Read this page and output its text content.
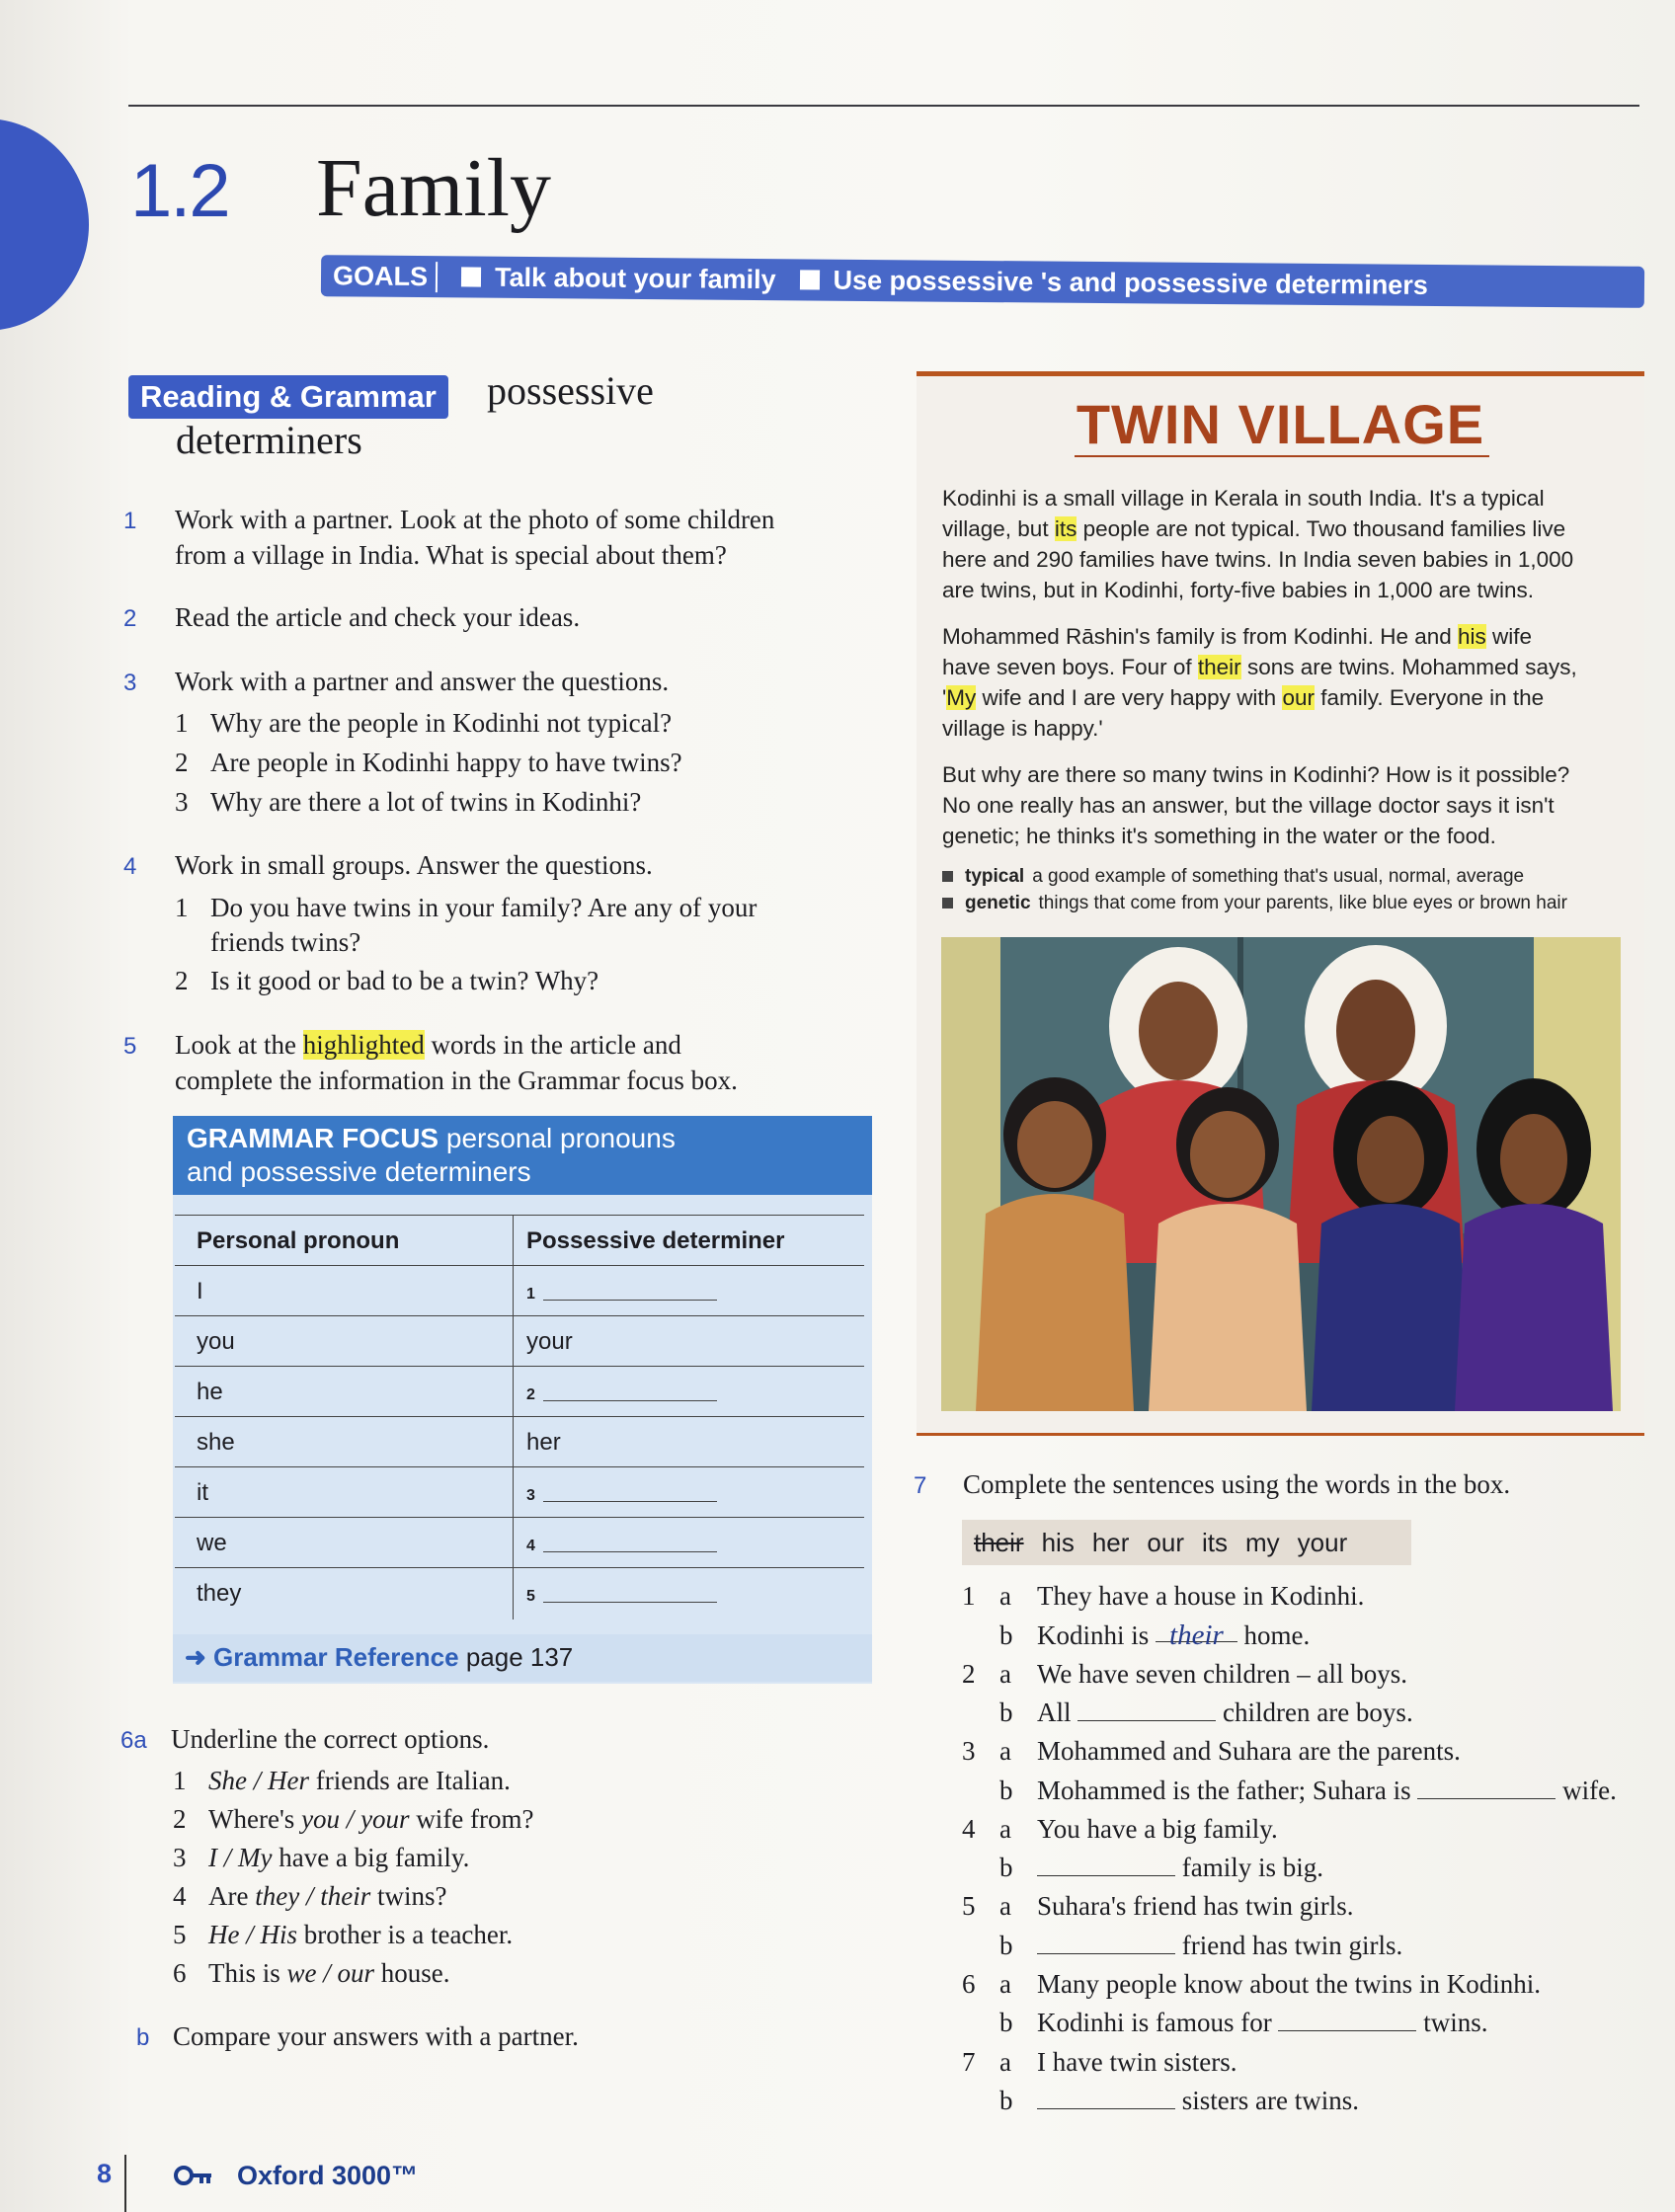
1.2 Family
GOALS	Talk about your family Use possessive 's and possessive determiners
Reading & Grammar	possessive
determiners
1 Work with a partner. Look at the photo of some children
from a village in India. What is special about them?
2 Read the article and check your ideas.
3 Work with a partner and answer the questions.
1 Why are the people in Kodinhi not typical?
2 Are people in Kodinhi happy to have twins?
3 Why are there a lot of twins in Kodinhi?
4 Work in small groups. Answer the questions.
1 Do you have twins in your family? Are any of your
friends twins?
2 Is it good or bad to be a twin? Why?
5 Look at the highlighted words in the article and
complete the information in the Grammar focus box.
GRAMMAR FOCUS personal pronouns
and possessive determiners
Personal pronoun	Possessive determiner
I	1
you	your
he	2
she	her
it	3
we	4
they	5
➜ Grammar Reference page 137
6a Underline the correct options.
1 She / Her friends are Italian.
2 Where's you / your wife from?
3 I / My have a big family.
4 Are they / their twins?
5 He / His brother is a teacher.
6 This is we / our house.
b Compare your answers with a partner.
TWIN VILLAGE

Kodinhi is a small village in Kerala in south India. It's a typical
village, but its people are not typical. Two thousand families live
here and 290 families have twins. In India seven babies in 1,000
are twins, but in Kodinhi, forty-five babies in 1,000 are twins.

Mohammed Rāshin's family is from Kodinhi. He and his wife
have seven boys. Four of their sons are twins. Mohammed says,
'My wife and I are very happy with our family. Everyone in the
village is happy.'

But why are there so many twins in Kodinhi? How is it possible?
No one really has an answer, but the village doctor says it isn't
genetic; he thinks it's something in the water or the food.

typical a good example of something that's usual, normal, average
genetic things that come from your parents, like blue eyes or brown hair
7 Complete the sentences using the words in the box.
their his her our its my your
1 a They have a house in Kodinhi.
b Kodinhi is their home.
2 a We have seven children – all boys.
b All	children are boys.
3 a Mohammed and Suhara are the parents.
b Mohammed is the father; Suhara is	wife.
4 a You have a big family.
b	family is big.
5 a Suhara's friend has twin girls.
b	friend has twin girls.
6 a Many people know about the twins in Kodinhi.
b Kodinhi is famous for	twins.
7 a I have twin sisters.
b	sisters are twins.
8	Oxford 3000™
